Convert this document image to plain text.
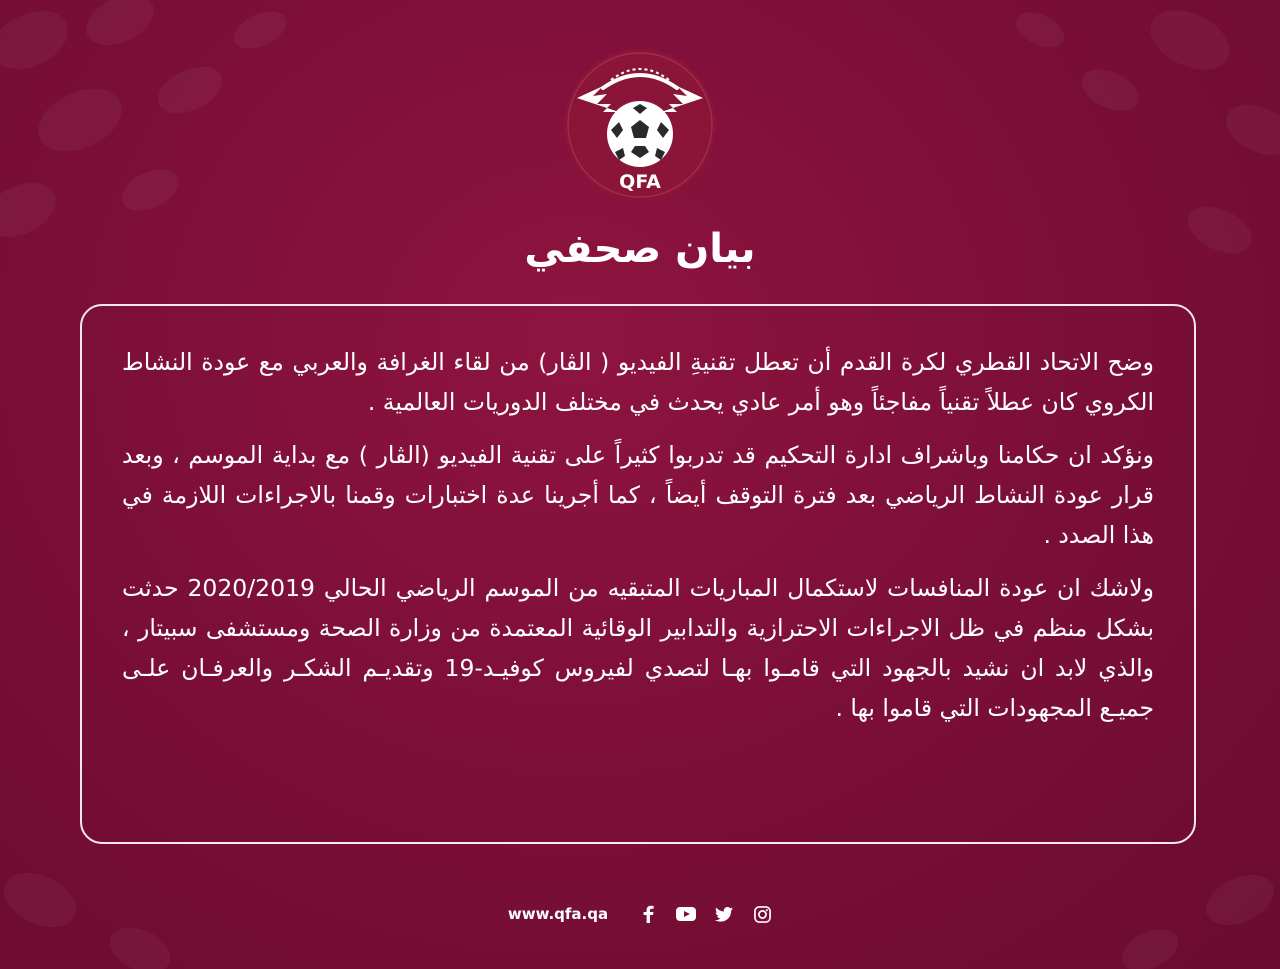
QFA
بيان صحفي

وضح الاتحاد القطري لكرة القدم أن تعطل تقنيةِ الفيديو ( الڤار) من لقاء الغرافة والعربي مع عودة النشاط الكروي كان عطلاً تقنياً مفاجئاً وهو أمر عادي يحدث في مختلف الدوريات العالمية .

ونؤكد ان حكامنا وباشراف ادارة التحكيم قد تدربوا كثيراً على تقنية الفيديو (الڤار ) مع بداية الموسم ، وبعد قرار عودة النشاط الرياضي بعد فترة التوقف أيضاً ، كما أجرينا عدة اختبارات وقمنا بالاجراءات اللازمة في هذا الصدد .

ولاشك ان عودة المنافسات لاستكمال المباريات المتبقيه من الموسم الرياضي الحالي 2020/2019 حدثت بشكل منظم في ظل الاجراءات الاحترازية والتدابير الوقائية المعتمدة من وزارة الصحة ومستشفى سبيتار ، والذي لابد ان نشيد بالجهود التي قامـوا بهـا لتصدي لفيروس كوفيـد-19 وتقديـم الشكـر والعرفـان علـى جميـع المجهودات التي قاموا بها .

www.qfa.qa
